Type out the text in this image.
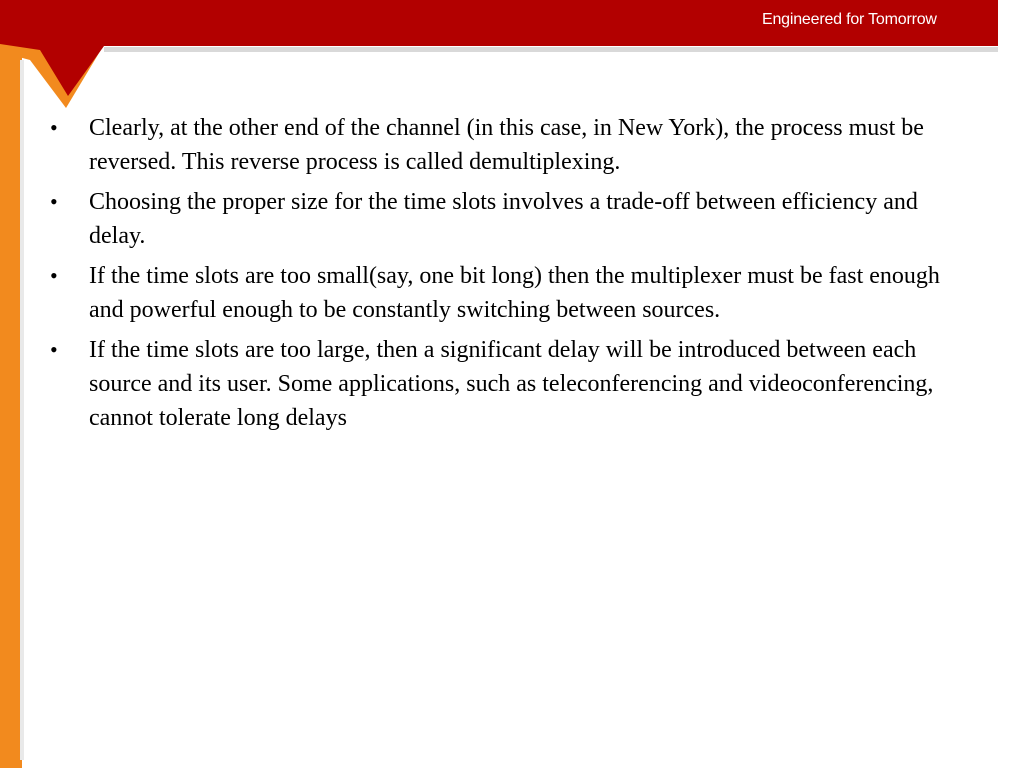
Engineered for Tomorrow
• Clearly, at the other end of the channel (in this case, in New York), the process must be reversed. This reverse process is called demultiplexing.
• Choosing the proper size for the time slots involves a trade-off between efficiency and delay.
• If the time slots are too small(say, one bit long) then the multiplexer must be fast enough and powerful enough to be constantly switching between sources.
• If the time slots are too large, then a significant delay will be introduced between each source and its user. Some applications, such as teleconferencing and videoconferencing, cannot tolerate long delays
